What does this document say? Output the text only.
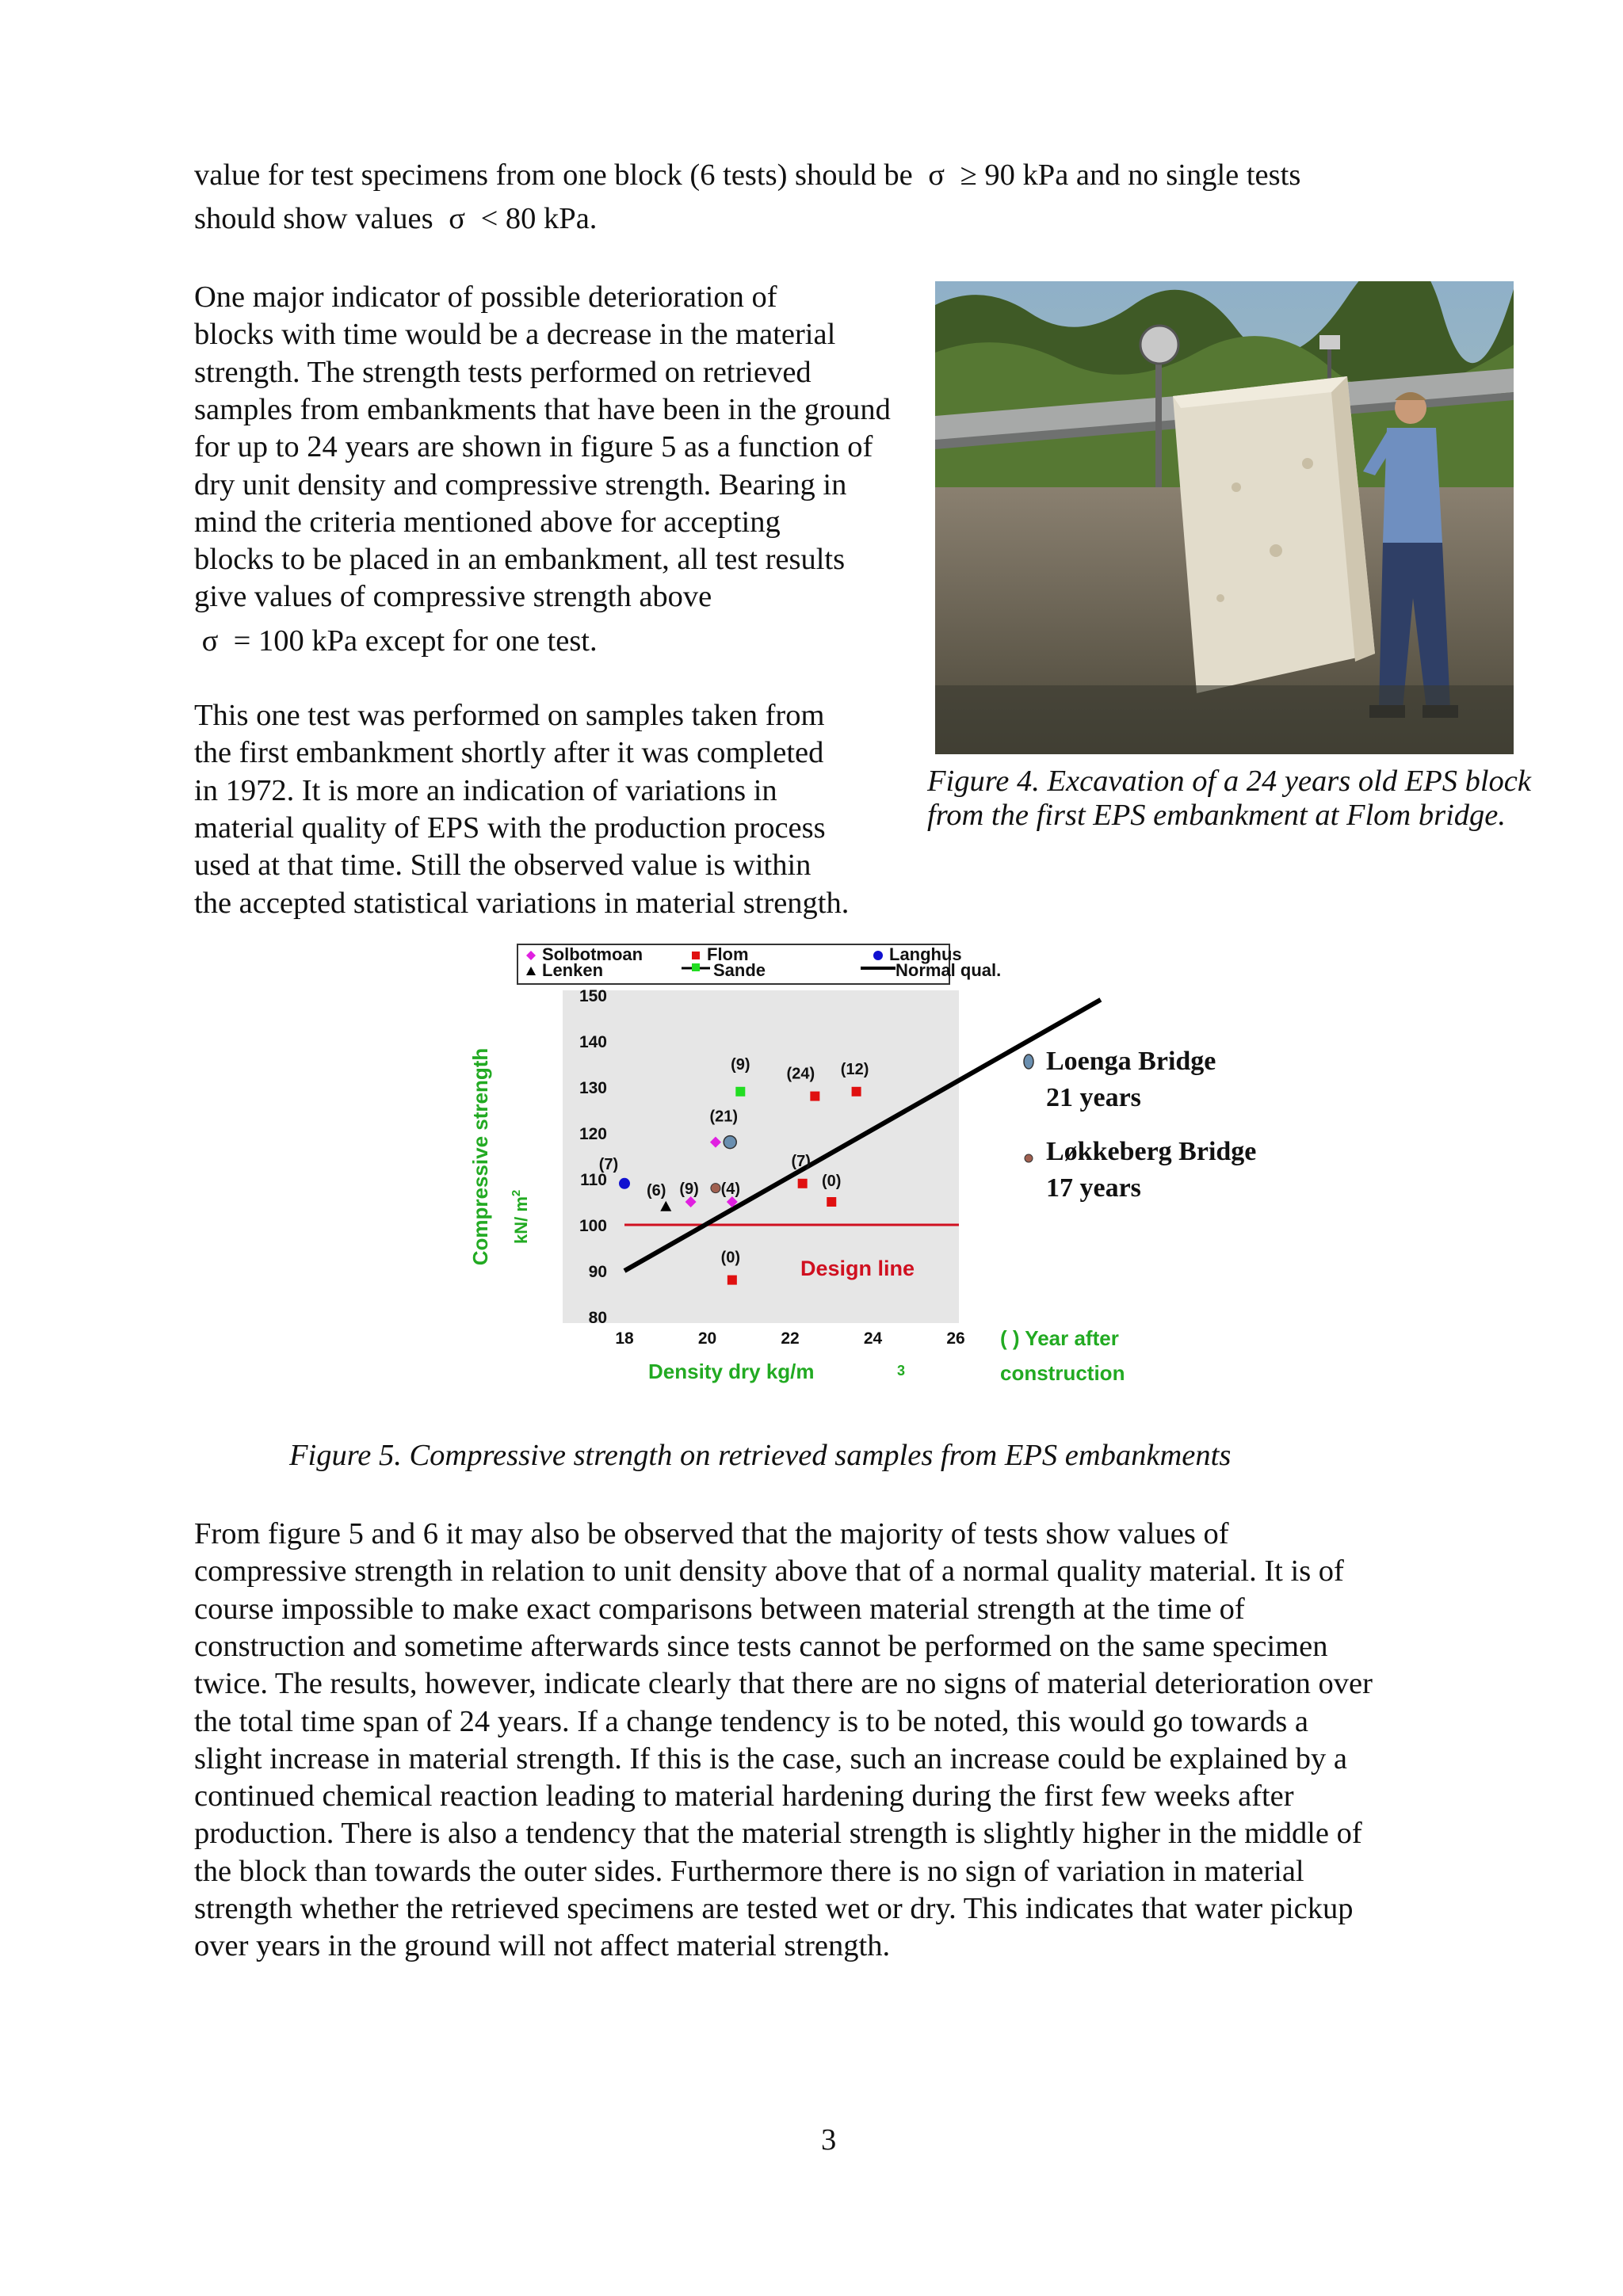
value for test specimens from one block (6 tests) should be σ ≥ 90 kPa and no single tests
should show values σ < 80 kPa.
One major indicator of possible deterioration of
blocks with time would be a decrease in the material
strength. The strength tests performed on retrieved
samples from embankments that have been in the ground
for up to 24 years are shown in figure 5 as a function of
dry unit density and compressive strength. Bearing in
mind the criteria mentioned above for accepting
blocks to be placed in an embankment, all test results
give values of compressive strength above
σ = 100 kPa except for one test.
This one test was performed on samples taken from
the first embankment shortly after it was completed
in 1972. It is more an indication of variations in
material quality of EPS with the production process
used at that time. Still the observed value is within
the accepted statistical variations in material strength.
Figure 4. Excavation of a 24 years old EPS block
from the first EPS embankment at Flom bridge.
Solbotmoan	Flom	Langhus
Lenken	Sande	Normal qual.
80
90
100
110
120
130
140
150
18	20	22	24	26
Compressive strength kN/ $m^2$
Density dry kg/m	3
Design line
(7)
(6) (9) (4)
(21)
(9)
(0)
(7)
(0)
(24) (12)	Loenga Bridge
21 years
Løkkeberg Bridge
17 years
( ) Year after
construction
Figure 5. Compressive strength on retrieved samples from EPS embankments
From figure 5 and 6 it may also be observed that the majority of tests show values of
compressive strength in relation to unit density above that of a normal quality material. It is of
course impossible to make exact comparisons between material strength at the time of
construction and sometime afterwards since tests cannot be performed on the same specimen
twice. The results, however, indicate clearly that there are no signs of material deterioration over
the total time span of 24 years. If a change tendency is to be noted, this would go towards a
slight increase in material strength. If this is the case, such an increase could be explained by a
continued chemical reaction leading to material hardening during the first few weeks after
production. There is also a tendency that the material strength is slightly higher in the middle of
the block than towards the outer sides. Furthermore there is no sign of variation in material
strength whether the retrieved specimens are tested wet or dry. This indicates that water pickup
over years in the ground will not affect material strength.
3
